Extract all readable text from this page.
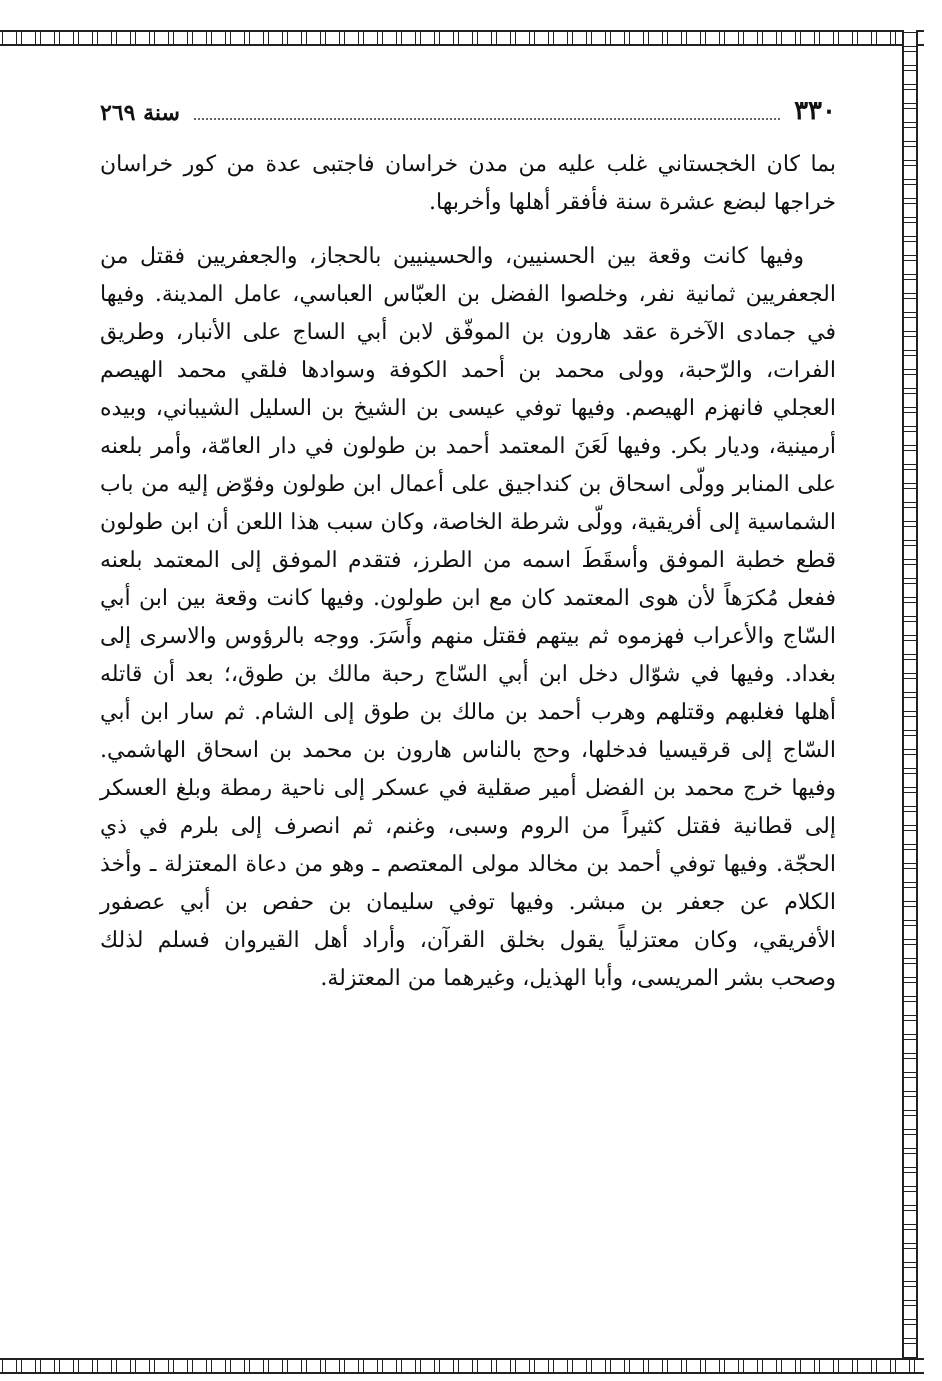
٣٣٠
سنة ٢٦٩

بما كان الخجستاني غلب عليه من مدن خراسان فاجتبى عدة من كور خراسان خراجها لبضع عشرة سنة فأفقر أهلها وأخربها.

وفيها كانت وقعة بين الحسنيين، والحسينيين بالحجاز، والجعفريين فقتل من الجعفريين ثمانية نفر، وخلصوا الفضل بن العبّاس العباسي، عامل المدينة. وفيها في جمادى الآخرة عقد هارون بن الموفّق لابن أبي الساج على الأنبار، وطريق الفرات، والرّحبة، وولى محمد بن أحمد الكوفة وسوادها فلقي محمد الهيصم العجلي فانهزم الهيصم. وفيها توفي عيسى بن الشيخ بن السليل الشيباني، وبيده أرمينية، وديار بكر. وفيها لَعَنَ المعتمد أحمد بن طولون في دار العامّة، وأمر بلعنه على المنابر وولّى اسحاق بن كنداجيق على أعمال ابن طولون وفوّض إليه من باب الشماسية إلى أفريقية، وولّى شرطة الخاصة، وكان سبب هذا اللعن أن ابن طولون قطع خطبة الموفق وأسقَطَ اسمه من الطرز، فتقدم الموفق إلى المعتمد بلعنه ففعل مُكرَهاً لأن هوى المعتمد كان مع ابن طولون. وفيها كانت وقعة بين ابن أبي السّاج والأعراب فهزموه ثم بيتهم فقتل منهم وأَسَرَ. ووجه بالرؤوس والاسرى إلى بغداد. وفيها في شوّال دخل ابن أبي السّاج رحبة مالك بن طوق،؛ بعد أن قاتله أهلها فغلبهم وقتلهم وهرب أحمد بن مالك بن طوق إلى الشام. ثم سار ابن أبي السّاج إلى قرقيسيا فدخلها، وحج بالناس هارون بن محمد بن اسحاق الهاشمي. وفيها خرج محمد بن الفضل أمير صقلية في عسكر إلى ناحية رمطة وبلغ العسكر إلى قطانية فقتل كثيراً من الروم وسبى، وغنم، ثم انصرف إلى بلرم في ذي الحجّة. وفيها توفي أحمد بن مخالد مولى المعتصم ـ وهو من دعاة المعتزلة ـ وأخذ الكلام عن جعفر بن مبشر. وفيها توفي سليمان بن حفص بن أبي عصفور الأفريقي، وكان معتزلياً يقول بخلق القرآن، وأراد أهل القيروان فسلم لذلك وصحب بشر المريسى، وأبا الهذيل، وغيرهما من المعتزلة.
